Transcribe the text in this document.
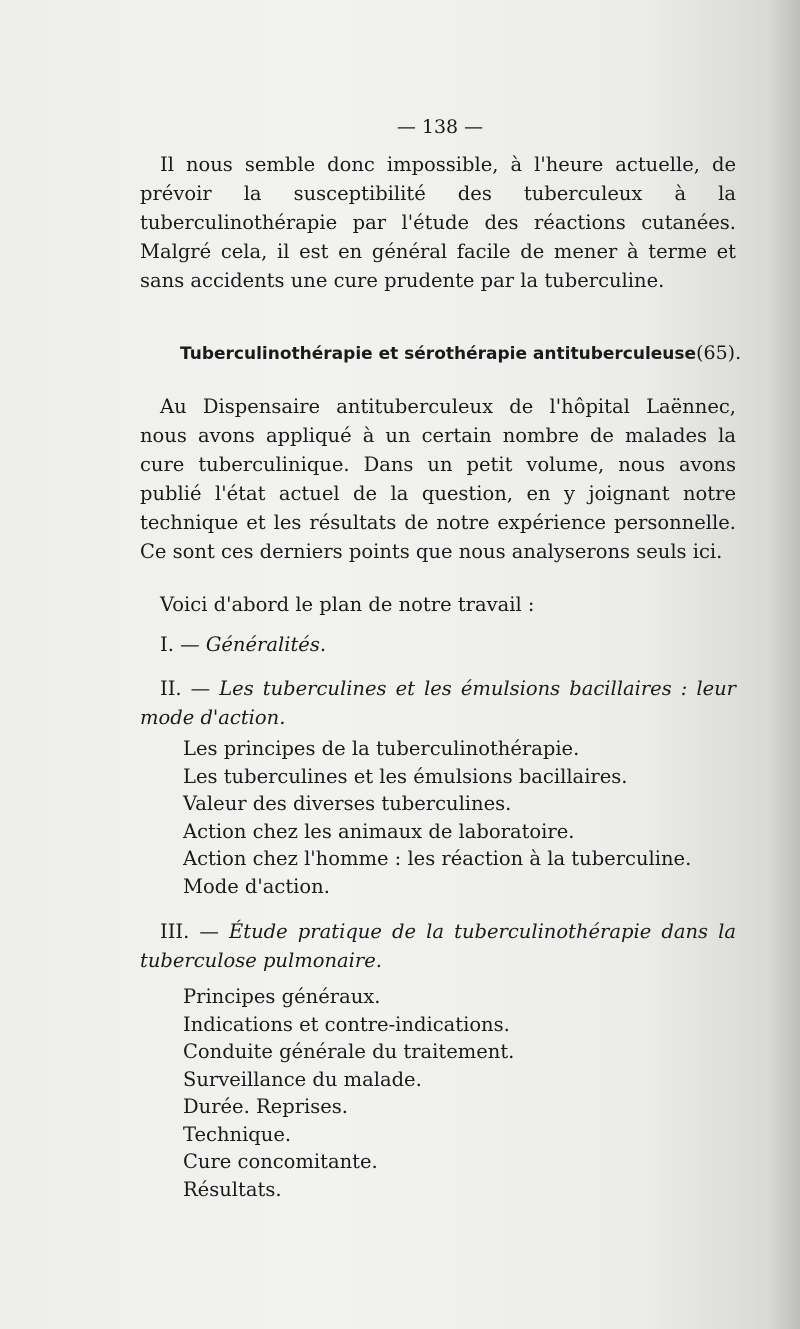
— 138 —

Il nous semble donc impossible, à l'heure actuelle, de prévoir la susceptibilité des tuberculeux à la tuberculinothérapie par l'étude des réactions cutanées. Malgré cela, il est en général facile de mener à terme et sans accidents une cure prudente par la tuberculine.

Tuberculinothérapie et sérothérapie antituberculeuse(65).

Au Dispensaire antituberculeux de l'hôpital Laënnec, nous avons appliqué à un certain nombre de malades la cure tuberculinique. Dans un petit volume, nous avons publié l'état actuel de la question, en y joignant notre technique et les résultats de notre expérience personnelle. Ce sont ces derniers points que nous analyserons seuls ici.

Voici d'abord le plan de notre travail :

I. — Généralités.

II. — Les tuberculines et les émulsions bacillaires : leur mode d'action.

Les principes de la tuberculinothérapie.
Les tuberculines et les émulsions bacillaires.
Valeur des diverses tuberculines.
Action chez les animaux de laboratoire.
Action chez l'homme : les réaction à la tuberculine.
Mode d'action.

III. — Étude pratique de la tuberculinothérapie dans la tuberculose pulmonaire.

Principes généraux.
Indications et contre-indications.
Conduite générale du traitement.
Surveillance du malade.
Durée. Reprises.
Technique.
Cure concomitante.
Résultats.
